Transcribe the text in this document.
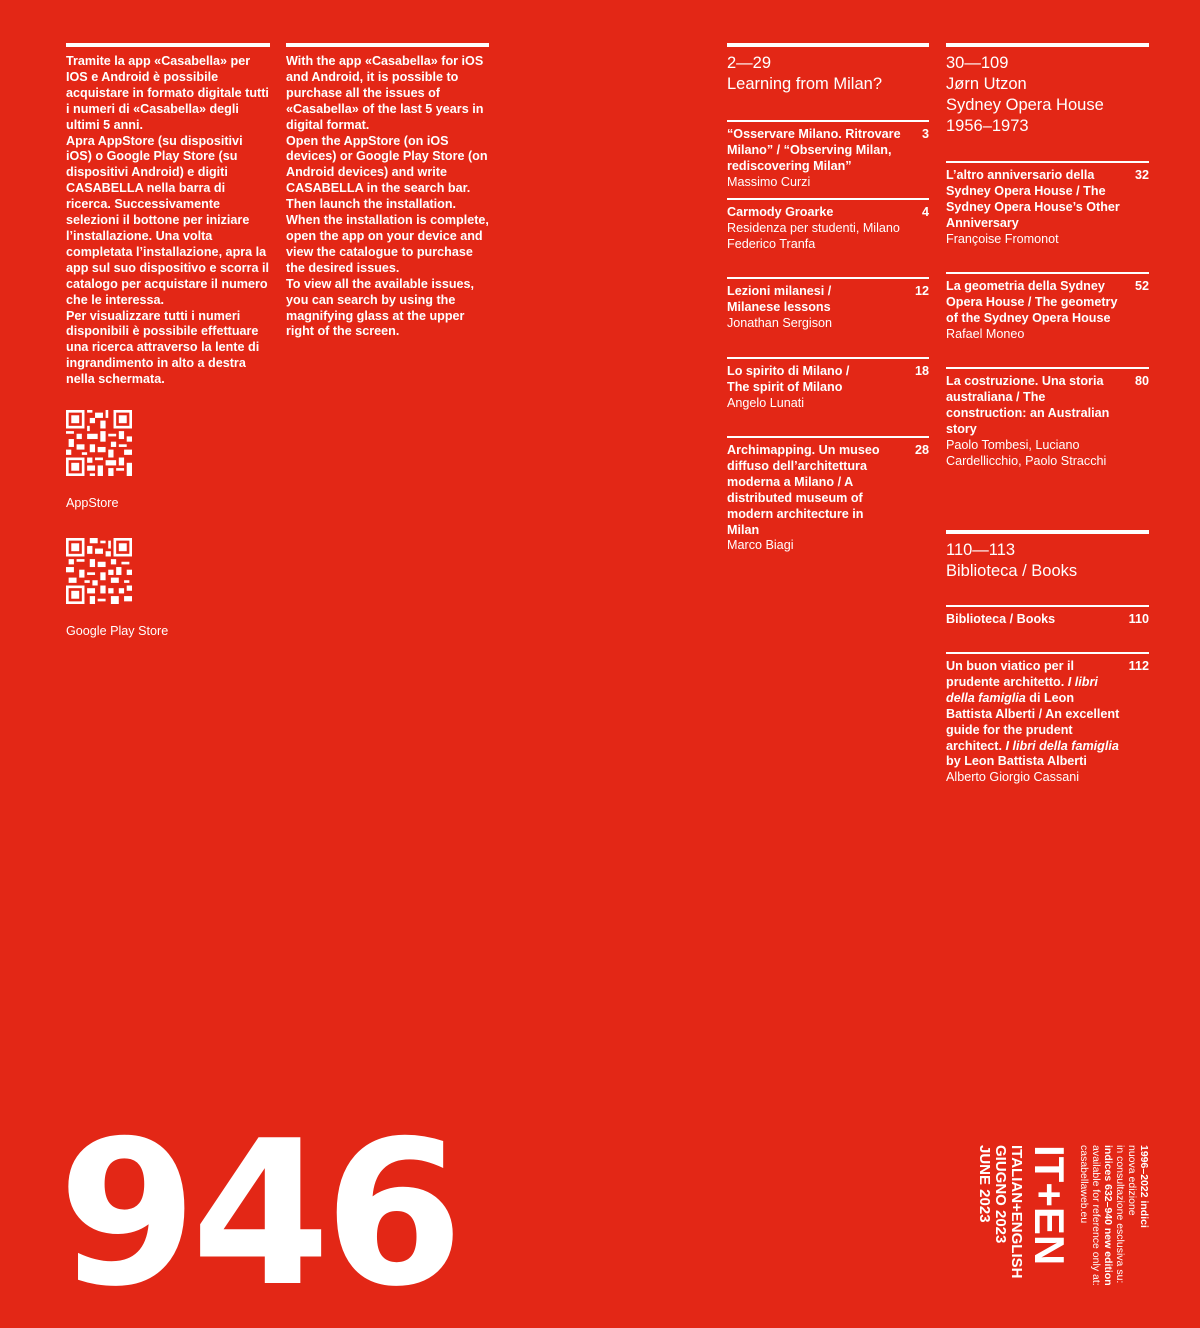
Tramite la app «Casabella» per IOS e Android è possibile acquistare in formato digitale tutti i numeri di «Casabella» degli ultimi 5 anni.

Apra AppStore (su dispositivi iOS) o Google Play Store (su dispositivi Android) e digiti CASABELLA nella barra di ricerca. Successivamente selezioni il bottone per iniziare l’installazione. Una volta completata l’installazione, apra la app sul suo dispositivo e scorra il catalogo per acquistare il numero che le interessa.

Per visualizzare tutti i numeri disponibili è possibile effettuare una ricerca attraverso la lente di ingrandimento in alto a destra nella schermata.

AppStore
Google Play Store

With the app «Casabella» for iOS and Android, it is possible to purchase all the issues of «Casabella» of the last 5 years in digital format.

Open the AppStore (on iOS devices) or Google Play Store (on Android devices) and write CASABELLA in the search bar. Then launch the installation. When the installation is complete, open the app on your device and view the catalogue to purchase the desired issues.

To view all the available issues, you can search by using the magnifying glass at the upper right of the screen.

2—29
Learning from Milan?
“Osservare Milano. Ritrovare Milano” / “Observing Milan, rediscovering Milan”
Massimo Curzi
3
Carmody Groarke
Residenza per studenti, Milano Federico Tranfa
4
Lezioni milanesi / Milanese lessons
Jonathan Sergison
12
Lo spirito di Milano / The spirit of Milano
Angelo Lunati
18
Archimapping. Un museo diffuso dell’architettura moderna a Milano / A distributed museum of modern architecture in Milan
Marco Biagi
28
30—109
Jørn Utzon
Sydney Opera House
1956–1973
L’altro anniversario della Sydney Opera House / The Sydney Opera House’s Other Anniversary
Françoise Fromonot
32
La geometria della Sydney Opera House / The geometry of the Sydney Opera House
Rafael Moneo
52
La costruzione. Una storia australiana / The construction: an Australian story
Paolo Tombesi, Luciano Cardellicchio, Paolo Stracchi
80
110—113
Biblioteca / Books
Biblioteca / Books	110
Un buon viatico per il prudente architetto. I libri della famiglia di Leon Battista Alberti / An excellent guide for the prudent architect. I libri della famiglia by Leon Battista Alberti
Alberto Giorgio Cassani
112
946	1996–2022 indici
nuova edizione
in consultazione esclusiva su:
indices 632–940 new edition
available for reference only at:
casabellaweb.eu
IT+EN
ITALIAN+ENGLISH
GIUGNO 2023
JUNE 2023
